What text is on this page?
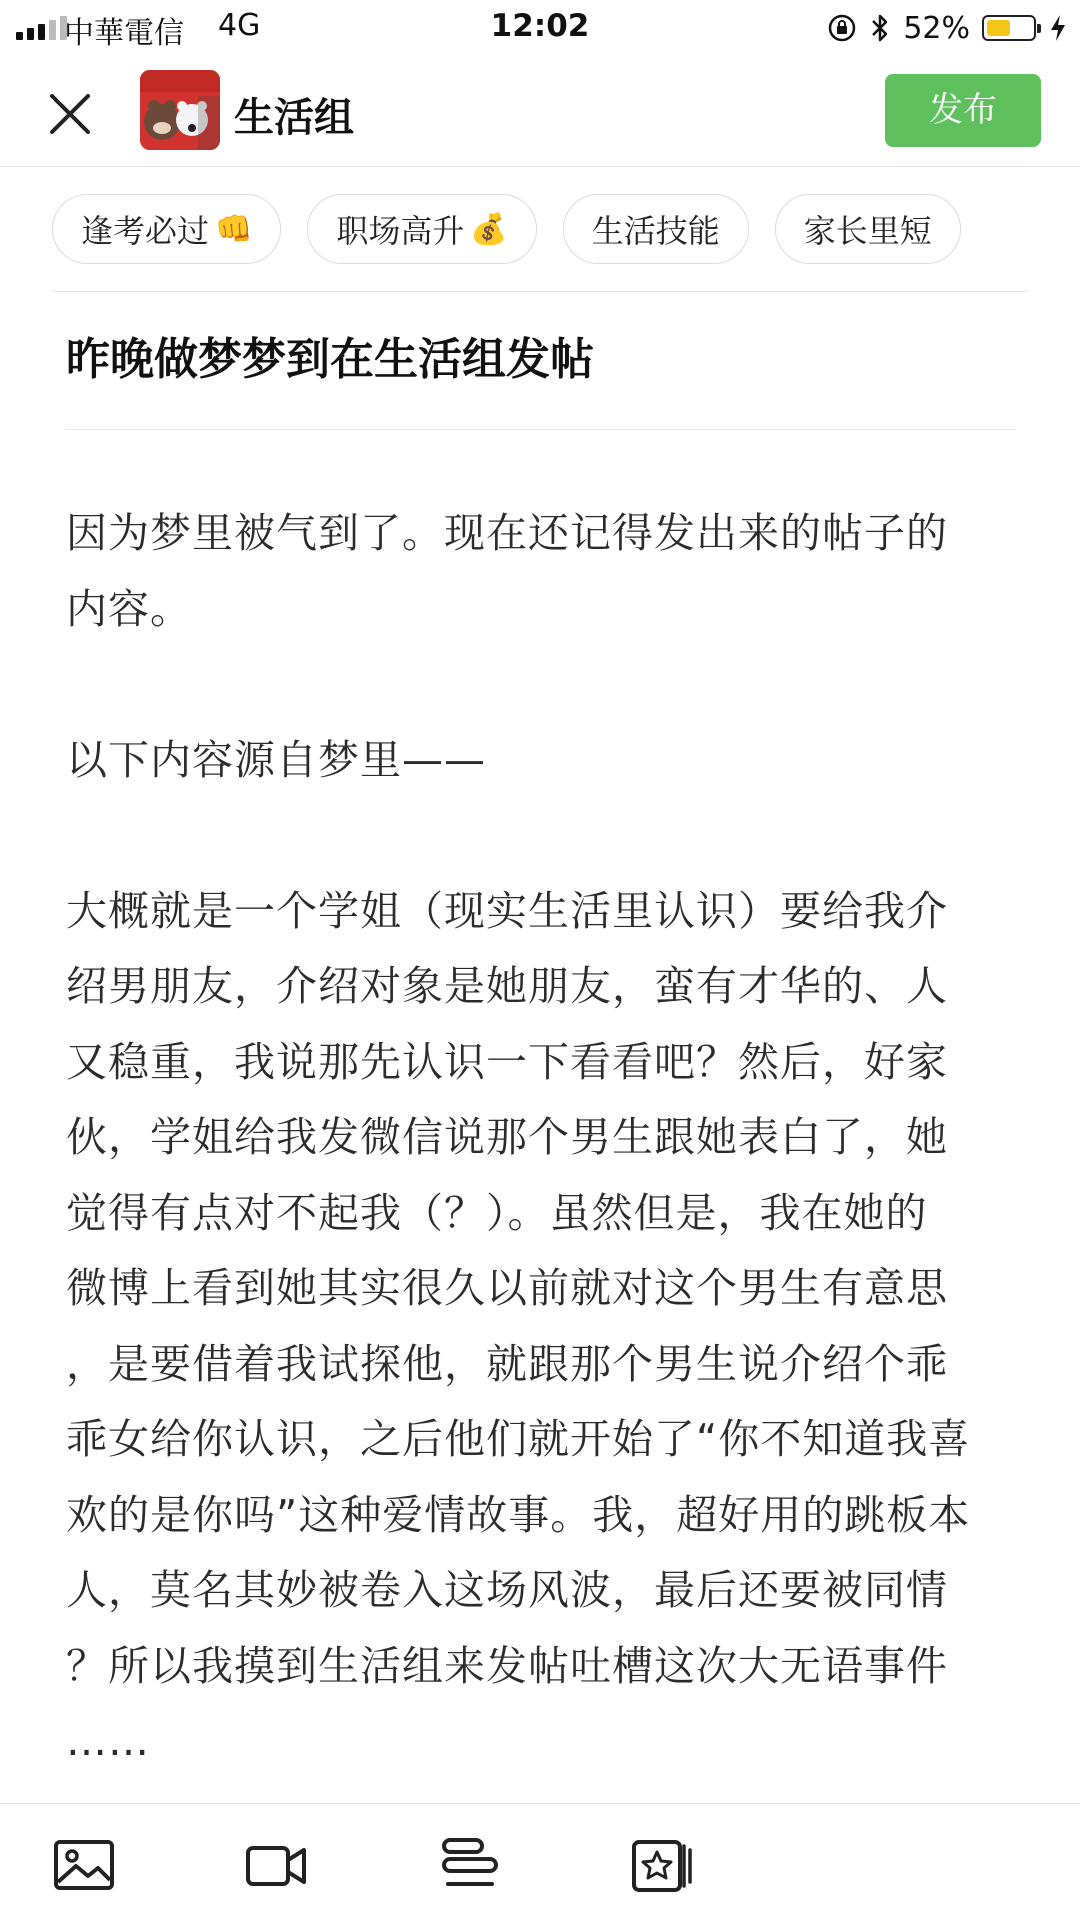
中華電信 4G	12:02	52%
生活组	发布
逢考必过 👊	职场高升 💰	生活技能	家长里短
昨晚做梦梦到在生活组发帖
因为梦里被气到了。现在还记得发出来的帖子的
内容。

以下内容源自梦里——

大概就是一个学姐（现实生活里认识）要给我介
绍男朋友，介绍对象是她朋友，蛮有才华的、人
又稳重，我说那先认识一下看看吧？然后，好家
伙，学姐给我发微信说那个男生跟她表白了，她
觉得有点对不起我（？）。虽然但是，我在她的
微博上看到她其实很久以前就对这个男生有意思
，是要借着我试探他，就跟那个男生说介绍个乖
乖女给你认识，之后他们就开始了“你不知道我喜
欢的是你吗”这种爱情故事。我，超好用的跳板本
人，莫名其妙被卷入这场风波，最后还要被同情
？所以我摸到生活组来发帖吐槽这次大无语事件
……
